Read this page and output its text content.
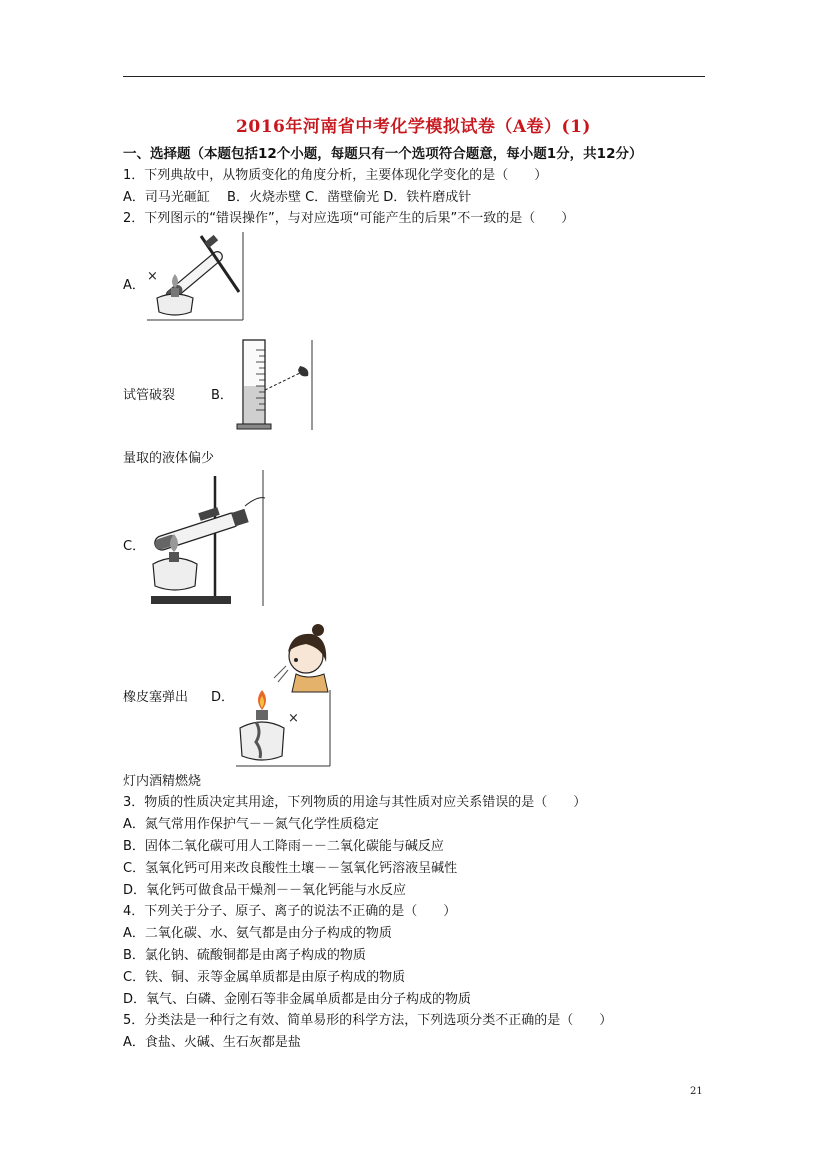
2016年河南省中考化学模拟试卷（A卷）(1)
一、选择题（本题包括12个小题，每题只有一个选项符合题意，每小题1分，共12分）
1．下列典故中，从物质变化的角度分析，主要体现化学变化的是（　　）
A．司马光砸缸　 B．火烧赤壁 C．凿壁偷光 D．铁杵磨成针
2．下列图示的“错误操作”，与对应选项“可能产生的后果”不一致的是（　　）
A．
×
试管破裂	B．
量取的液体偏少
C．
橡皮塞弹出 D．
×
灯内酒精燃烧
3．物质的性质决定其用途，下列物质的用途与其性质对应关系错误的是（　　）
A．氮气常用作保护气－－氮气化学性质稳定
B．固体二氧化碳可用人工降雨－－二氧化碳能与碱反应
C．氢氧化钙可用来改良酸性土壤－－氢氧化钙溶液呈碱性
D．氧化钙可做食品干燥剂－－氧化钙能与水反应
4．下列关于分子、原子、离子的说法不正确的是（　　）
A．二氧化碳、水、氨气都是由分子构成的物质
B．氯化钠、硫酸铜都是由离子构成的物质
C．铁、铜、汞等金属单质都是由原子构成的物质
D．氧气、白磷、金刚石等非金属单质都是由分子构成的物质
5．分类法是一种行之有效、简单易形的科学方法，下列选项分类不正确的是（　　）
A．食盐、火碱、生石灰都是盐
21
